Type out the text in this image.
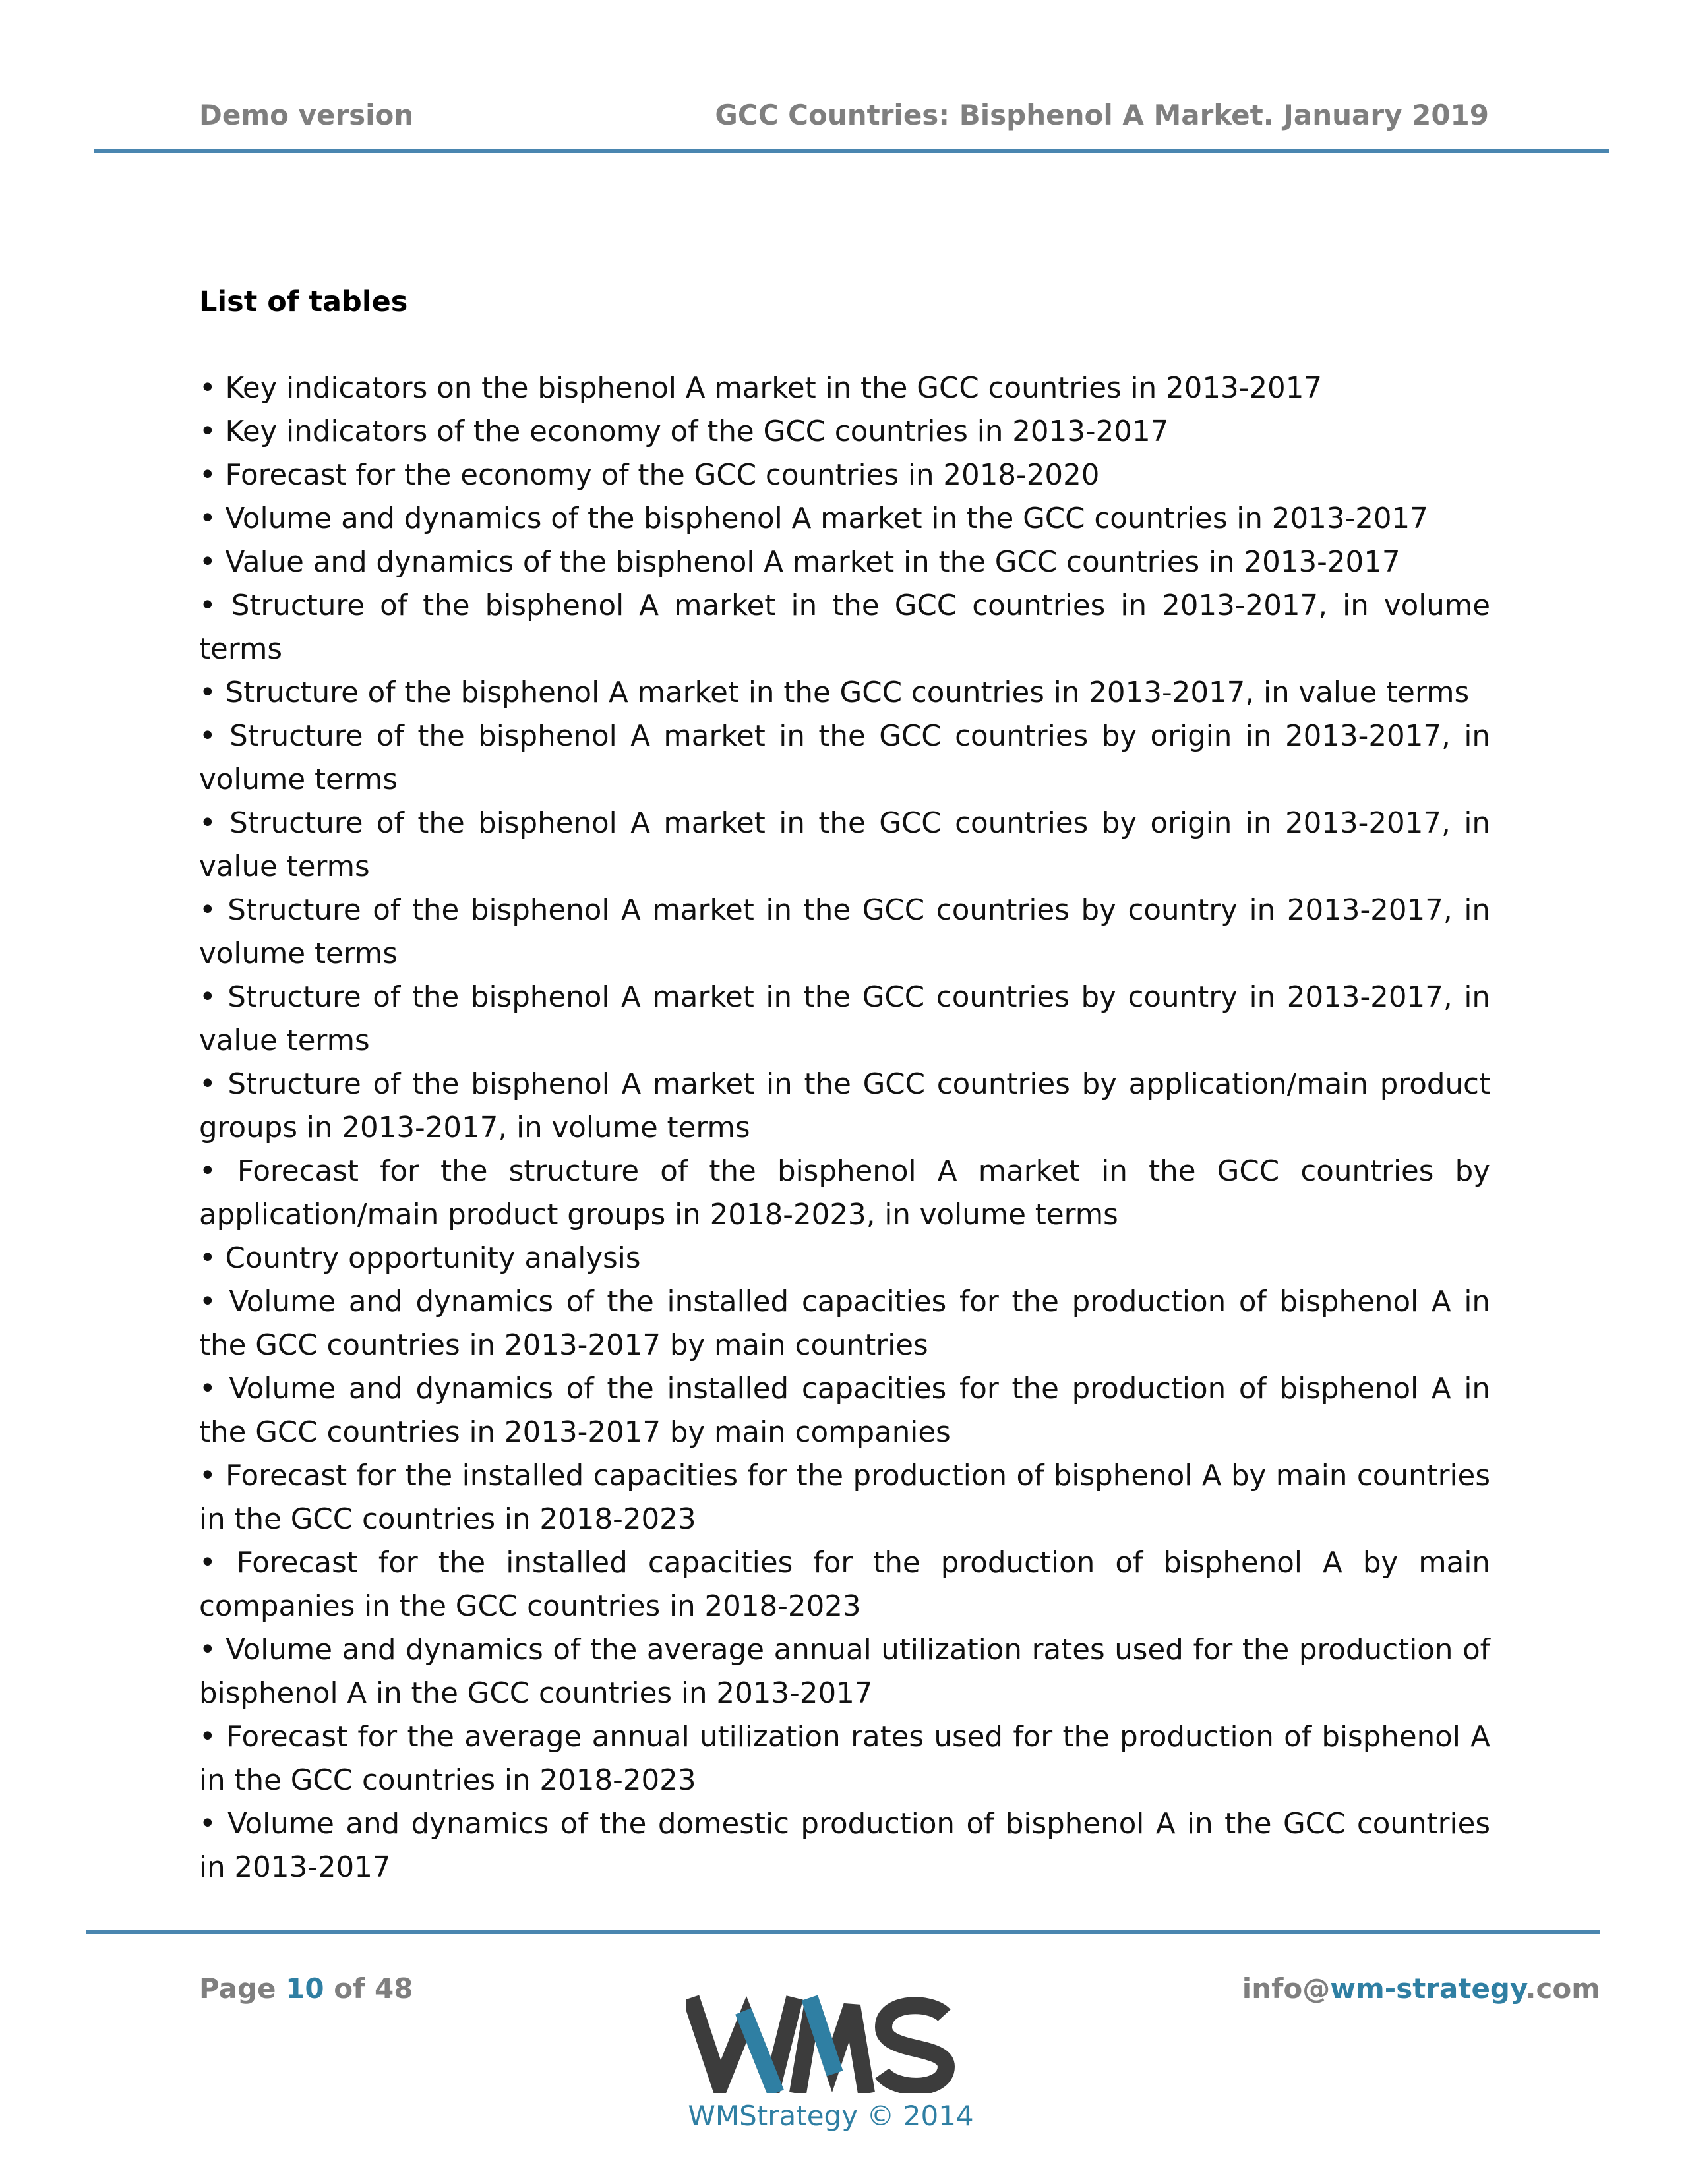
Demo version	GCC Countries: Bisphenol A Market. January 2019
List of tables
• Key indicators on the bisphenol A market in the GCC countries in 2013-2017
• Key indicators of the economy of the GCC countries in 2013-2017
• Forecast for the economy of the GCC countries in 2018-2020
• Volume and dynamics of the bisphenol A market in the GCC countries in 2013-2017
• Value and dynamics of the bisphenol A market in the GCC countries in 2013-2017
• Structure of the bisphenol A market in the GCC countries in 2013-2017, in volume terms
• Structure of the bisphenol A market in the GCC countries in 2013-2017, in value terms
• Structure of the bisphenol A market in the GCC countries by origin in 2013-2017, in volume terms
• Structure of the bisphenol A market in the GCC countries by origin in 2013-2017, in value terms
• Structure of the bisphenol A market in the GCC countries by country in 2013-2017, in volume terms
• Structure of the bisphenol A market in the GCC countries by country in 2013-2017, in value terms
• Structure of the bisphenol A market in the GCC countries by application/main product groups in 2013-2017, in volume terms
• Forecast for the structure of the bisphenol A market in the GCC countries by application/main product groups in 2018-2023, in volume terms
• Country opportunity analysis
• Volume and dynamics of the installed capacities for the production of bisphenol A in the GCC countries in 2013-2017 by main countries
• Volume and dynamics of the installed capacities for the production of bisphenol A in the GCC countries in 2013-2017 by main companies
• Forecast for the installed capacities for the production of bisphenol A by main countries in the GCC countries in 2018-2023
• Forecast for the installed capacities for the production of bisphenol A by main companies in the GCC countries in 2018-2023
• Volume and dynamics of the average annual utilization rates used for the production of bisphenol A in the GCC countries in 2013-2017
• Forecast for the average annual utilization rates used for the production of bisphenol A in the GCC countries in 2018-2023
• Volume and dynamics of the domestic production of bisphenol A in the GCC countries in 2013-2017
Page 10 of 48	info@wm-strategy.com
WMStrategy © 2014
